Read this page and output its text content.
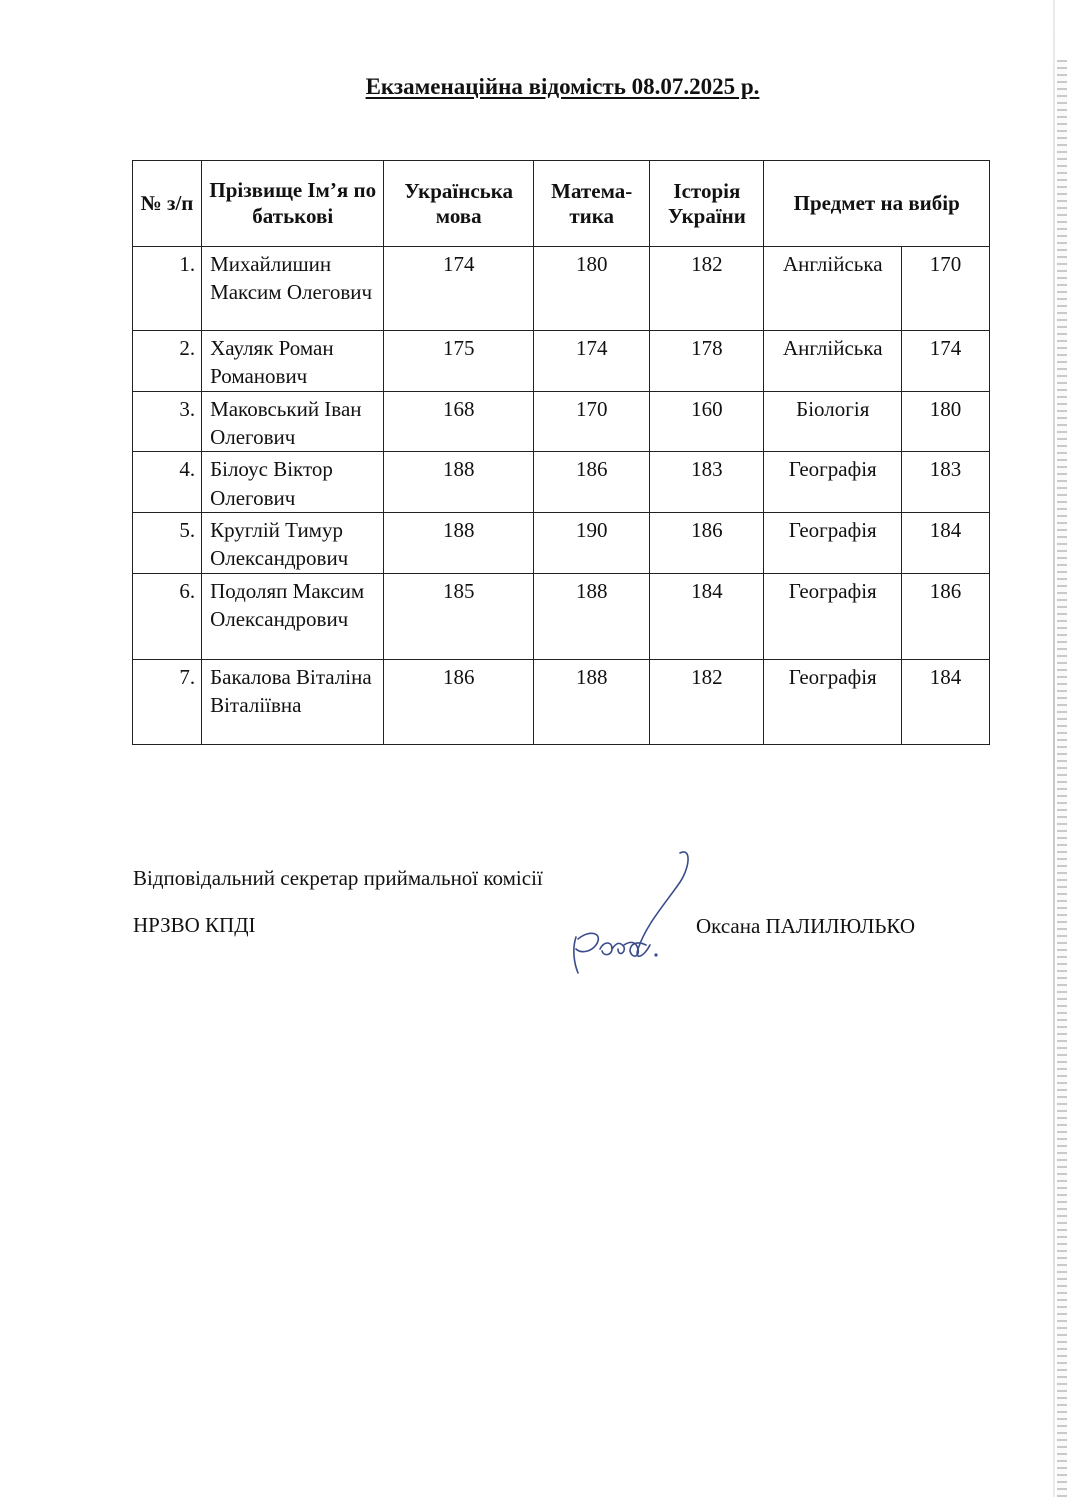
Екзаменаційна відомість 08.07.2025 р.
№ з/п	Прізвище Ім’я по батькові	Українська мова	Матема-тика	Історія України	Предмет на вибір	
1.	Михайлишин Максим Олегович	174	180	182	Англійська	170
2.	Хауляк Роман Романович	175	174	178	Англійська	174
3.	Маковський Іван Олегович	168	170	160	Біологія	180
4.	Білоус Віктор Олегович	188	186	183	Географія	183
5.	Круглій Тимур Олександрович	188	190	186	Географія	184
6.	Подоляп Максим Олександрович	185	188	184	Географія	186
7.	Бакалова Віталіна Віталіївна	186	188	182	Географія	184
Відповідальний секретар приймальної комісії
НРЗВО КПДІ	Оксана ПАЛИЛЮЛЬКО
